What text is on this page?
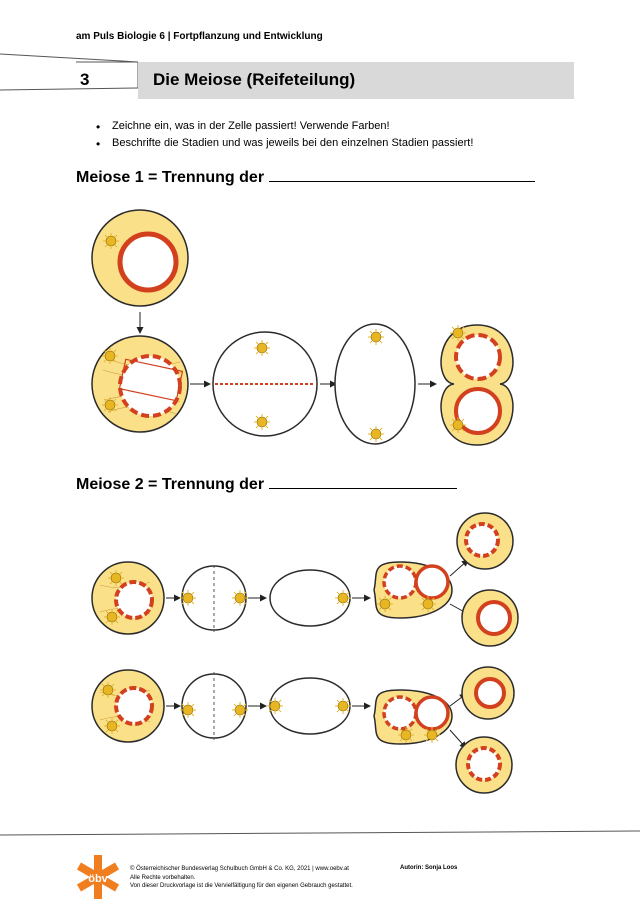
am Puls Biologie 6 | Fortpflanzung und Entwicklung
3	Die Meiose (Reifeteilung)
• Zeichne ein, was in der Zelle passiert! Verwende Farben!
• Beschrifte die Stadien und was jeweils bei den einzelnen Stadien passiert!
Meiose 1 = Trennung der
Meiose 2 = Trennung der
öbv
© Österreichischer Bundesverlag Schulbuch GmbH & Co. KG, 2021 | www.oebv.at
Alle Rechte vorbehalten.
Von dieser Druckvorlage ist die Vervielfältigung für den eigenen Gebrauch gestattet.
Autorin: Sonja Loos
